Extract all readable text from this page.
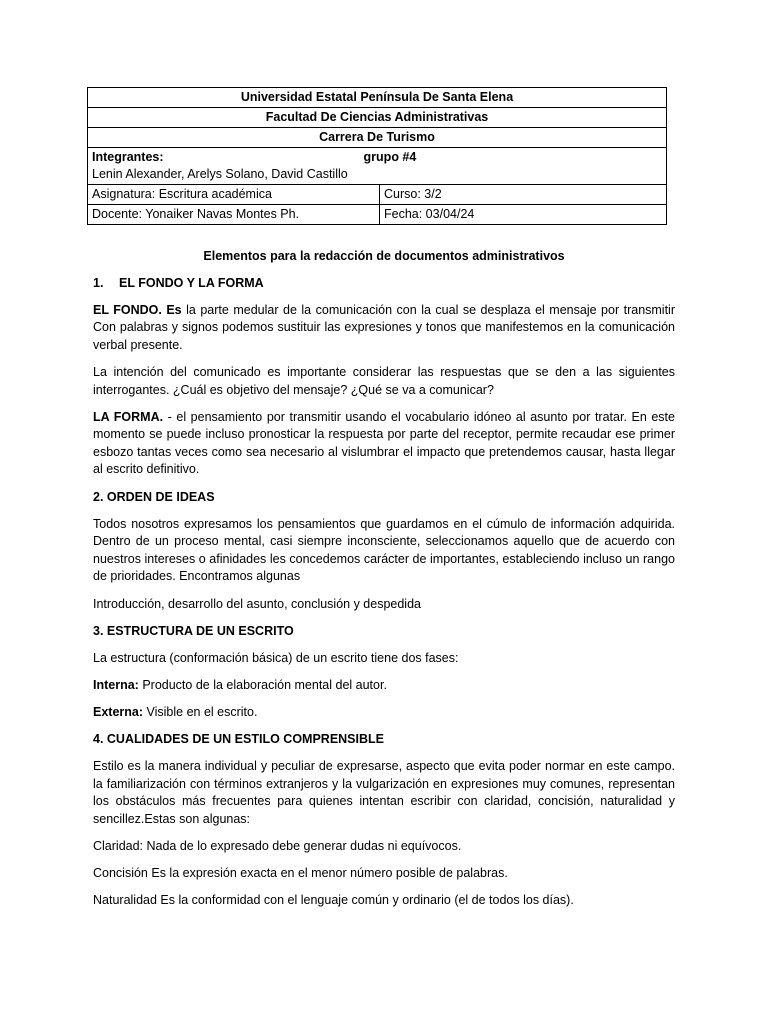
Universidad Estatal Península De Santa Elena	
Facultad De Ciencias Administrativas	
Carrera De Turismo	
Integrantes: grupo #4
Lenin Alexander, Arelys Solano, David Castillo	
Asignatura: Escritura académica	Curso: 3/2
Docente: Yonaiker Navas Montes Ph.	Fecha: 03/04/24

Elementos para la redacción de documentos administrativos

1. EL FONDO Y LA FORMA

EL FONDO. Es la parte medular de la comunicación con la cual se desplaza el mensaje por transmitir Con palabras y signos podemos sustituir las expresiones y tonos que manifestemos en la comunicación verbal presente.

La intención del comunicado es importante considerar las respuestas que se den a las siguientes interrogantes. ¿Cuál es objetivo del mensaje? ¿Qué se va a comunicar?

LA FORMA. - el pensamiento por transmitir usando el vocabulario idóneo al asunto por tratar. En este momento se puede incluso pronosticar la respuesta por parte del receptor, permite recaudar ese primer esbozo tantas veces como sea necesario al vislumbrar el impacto que pretendemos causar, hasta llegar al escrito definitivo.

2. ORDEN DE IDEAS

Todos nosotros expresamos los pensamientos que guardamos en el cúmulo de información adquirida. Dentro de un proceso mental, casi siempre inconsciente, seleccionamos aquello que de acuerdo con nuestros intereses o afinidades les concedemos carácter de importantes, estableciendo incluso un rango de prioridades. Encontramos algunas

Introducción, desarrollo del asunto, conclusión y despedida

3. ESTRUCTURA DE UN ESCRITO

La estructura (conformación básica) de un escrito tiene dos fases:

Interna: Producto de la elaboración mental del autor.

Externa: Visible en el escrito.

4. CUALIDADES DE UN ESTILO COMPRENSIBLE

Estilo es la manera individual y peculiar de expresarse, aspecto que evita poder normar en este campo. la familiarización con términos extranjeros y la vulgarización en expresiones muy comunes, representan los obstáculos más frecuentes para quienes intentan escribir con claridad, concisión, naturalidad y sencillez.Estas son algunas:

Claridad: Nada de lo expresado debe generar dudas ni equívocos.

Concisión Es la expresión exacta en el menor número posible de palabras.

Naturalidad Es la conformidad con el lenguaje común y ordinario (el de todos los días).
